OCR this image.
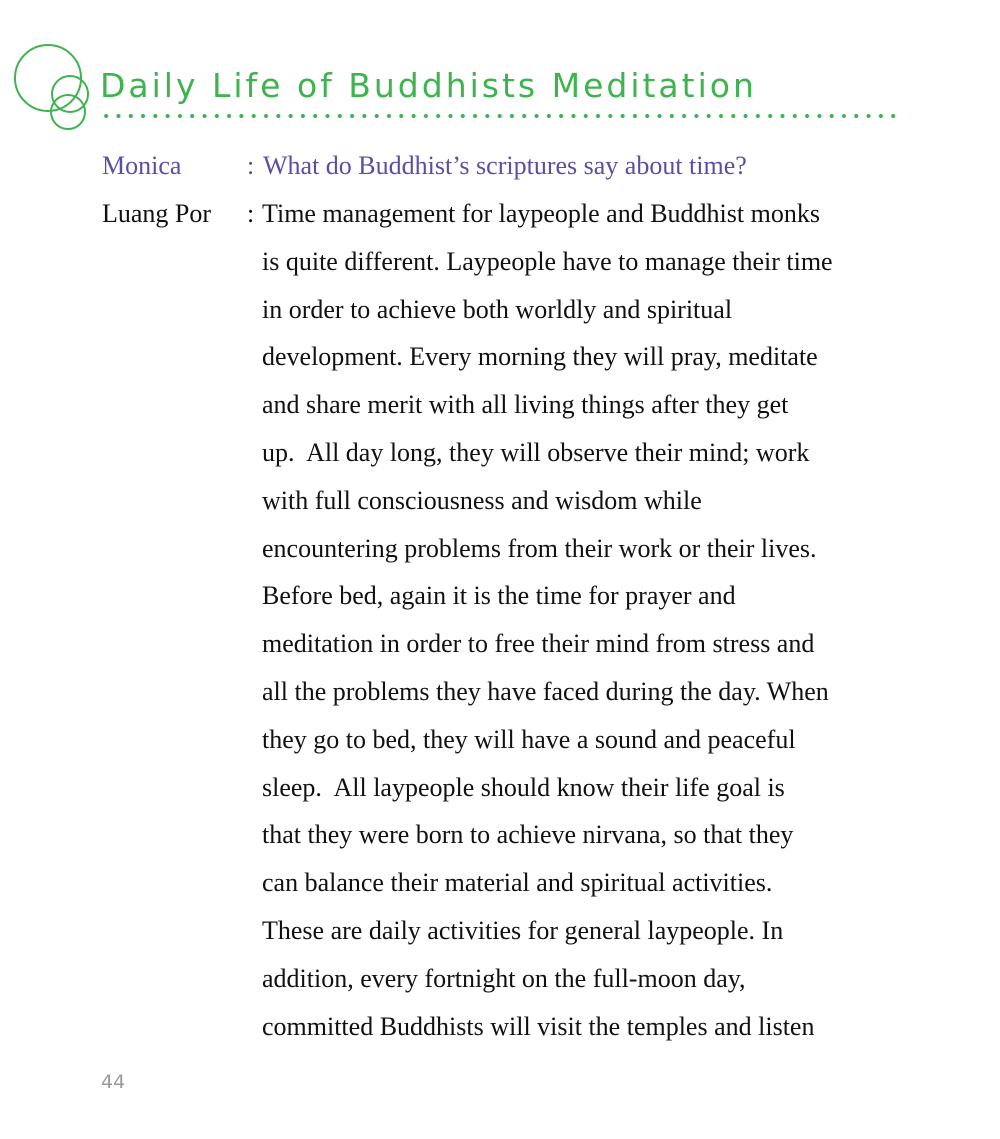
Daily Life of Buddhists Meditation
Monica	: What do Buddhist’s scriptures say about time?
Luang Por : Time management for laypeople and Buddhist monks
is quite different. Laypeople have to manage their time
in order to achieve both worldly and spiritual
development. Every morning they will pray, meditate
and share merit with all living things after they get
up.  All day long, they will observe their mind; work
with full consciousness and wisdom while
encountering problems from their work or their lives.
Before bed, again it is the time for prayer and
meditation in order to free their mind from stress and
all the problems they have faced during the day. When
they go to bed, they will have a sound and peaceful
sleep.  All laypeople should know their life goal is
that they were born to achieve nirvana, so that they
can balance their material and spiritual activities.
These are daily activities for general laypeople. In
addition, every fortnight on the full-moon day,
committed Buddhists will visit the temples and listen
44
